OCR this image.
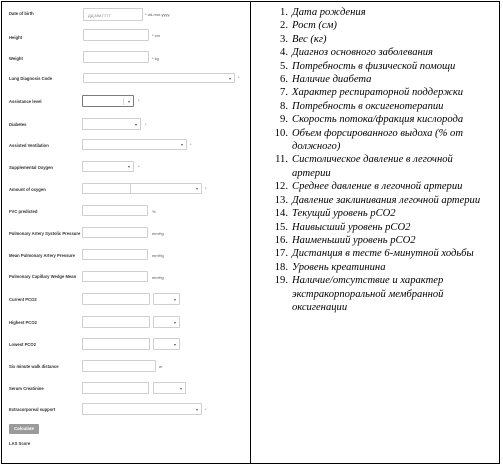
Date of birth	ДД.ММ.ГГГГ	* dd-mm-yyyy
Height	* cm
Weight	* kg
Lung Diagnosis Code	*
Assistance level	*
Diabetes	*
Assisted Ventilation	*
Supplemental Oxygen	*
Amount of oxygen	*
FVC predicted	%
Pulmonary Artery Systolic Pressure	mmHg
Mean Pulmonary Artery Pressure	mmHg
Pulmonary Capillary Wedge Mean	mmHg
Current PCO2
Highest PCO2
Lowest PCO2
Six minute walk distance	m
Serum Creatinine
Extracorporeal support	*
Calculate
LAS Score
1. Дата рождения
2. Рост (см)
3. Вес (кг)
4. Диагноз основного заболевания
5. Потребность в физической помощи
6. Наличие диабета
7. Характер респираторной поддержки
8. Потребность в оксигенотерапии
9. Скорость потока/фракция кислорода
10. Объем форсированного выдоха (% от должного)
11. Систолическое давление в легочной артерии
12. Среднее давление в легочной артерии
13. Давление заклинивания легочной артерии
14. Текущий уровень pCO2
15. Наивысший уровень pCO2
16. Наименьший уровень pCO2
17. Дистанция в тесте 6-минутной ходьбы
18. Уровень креатинина
19. Наличие/отсутствие и характер экстракорпоральной мембранной оксигенации
